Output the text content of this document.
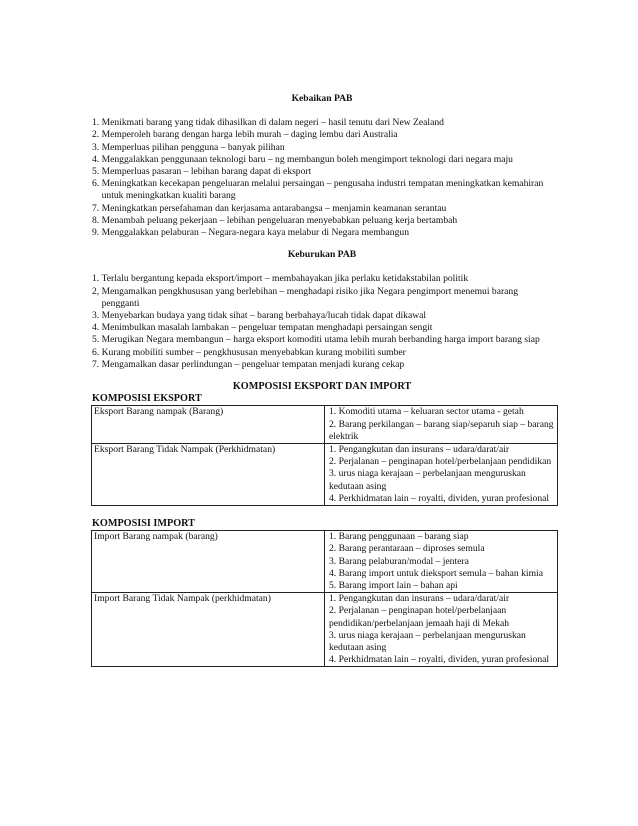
Kebaikan PAB

1. Menikmati barang yang tidak dihasilkan di dalam negeri – hasil tenutu dari New Zealand
2. Memperoleh barang dengan harga lebih murah – daging lembu dari Australia
3. Memperluas pilihan pengguna – banyak pilihan
4. Menggalakkan penggunaan teknologi baru – ng membangun boleh mengimport teknologi dari negara maju
5. Memperluas pasaran – lebihan barang dapat di eksport
6. Meningkatkan kecekapan pengeluaran melalui persaingan – pengusaha industri tempatan meningkatkan kemahiran untuk meningkatkan kualiti barang
7. Meningkatkan persefahaman dan kerjasama antarabangsa – menjamin keamanan serantau
8. Menambah peluang pekerjaan – lebihan pengeluaran menyebabkan peluang kerja bertambah
9. Menggalakkan pelaburan – Negara-negara kaya melabur di Negara membangun

Keburukan PAB

1. Terlalu bergantung kepada eksport/import – membahayakan jika perlaku ketidakstabilan politik
2, Mengamalkan pengkhususan yang berlebihan – menghadapi risiko jika Negara pengimport menemui barang pengganti
3. Menyebarkan budaya yang tidak sihat – barang berbahaya/lucah tidak dapat dikawal
4. Menimbulkan masalah lambakan – pengeluar tempatan menghadapi persaingan sengit
5. Merugikan Negara membangun – harga eksport komoditi utama lebih murah berbanding harga import barang siap
6. Kurang mobiliti sumber – pengkhususan menyebabkan kurang mobiliti sumber
7. Mengamalkan dasar perlindungan – pengeluar tempatan menjadi kurang cekap

KOMPOSISI EKSPORT DAN IMPORT

KOMPOSISI EKSPORT

Eksport Barang nampak (Barang)	1. Komoditi utama – keluaran sector utama - getah
2. Barang perkilangan – barang siap/separuh siap – barang elektrik

Eksport Barang Tidak Nampak (Perkhidmatan)	1. Pengangkutan dan insurans – udara/darat/air
2. Perjalanan – penginapan hotel/perbelanjaan pendidikan
3. urus niaga kerajaan – perbelanjaan menguruskan kedutaan asing
4. Perkhidmatan lain – royalti, dividen, yuran profesional

KOMPOSISI IMPORT

Import Barang nampak (barang)	1. Barang penggunaan – barang siap
2. Barang perantaraan – diproses semula
3. Barang pelaburan/modal – jentera
4. Barang import untuk dieksport semula – bahan kimia
5. Barang import lain – bahan api

Import Barang Tidak Nampak (perkhidmatan)	1. Pengangkutan dan insurans – udara/darat/air
2. Perjalanan – penginapan hotel/perbelanjaan pendidikan/perbelanjaan jemaah haji di Mekah
3. urus niaga kerajaan – perbelanjaan menguruskan kedutaan asing
4. Perkhidmatan lain – royalti, dividen, yuran profesional
